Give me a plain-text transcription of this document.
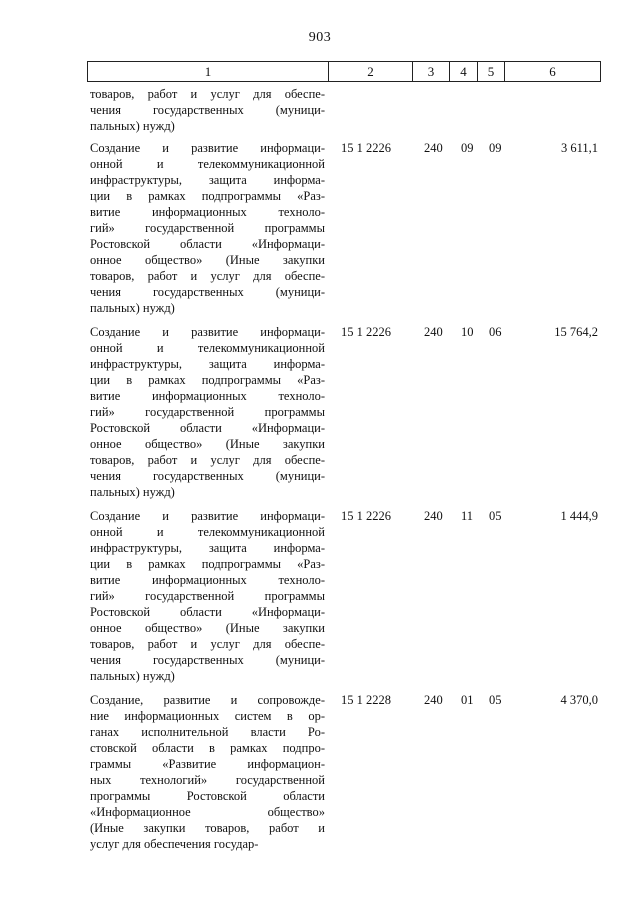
903
1	2	3	4	5	6
товаров, работ и услуг для обеспе-
чения государственных (муници-
пальных) нужд)
Создание и развитие информаци-
онной и телекоммуникационной
инфраструктуры, защита информа-
ции в рамках подпрограммы «Раз-
витие информационных техноло-
гий» государственной программы
Ростовской области «Информаци-
онное общество» (Иные закупки
товаров, работ и услуг для обеспе-
чения государственных (муници-
пальных) нужд)
15 1 2226	240 09 09	3 611,1
Создание и развитие информаци-
онной и телекоммуникационной
инфраструктуры, защита информа-
ции в рамках подпрограммы «Раз-
витие информационных техноло-
гий» государственной программы
Ростовской области «Информаци-
онное общество» (Иные закупки
товаров, работ и услуг для обеспе-
чения государственных (муници-
пальных) нужд)
15 1 2226	240 10 06	15 764,2
Создание и развитие информаци-
онной и телекоммуникационной
инфраструктуры, защита информа-
ции в рамках подпрограммы «Раз-
витие информационных техноло-
гий» государственной программы
Ростовской области «Информаци-
онное общество» (Иные закупки
товаров, работ и услуг для обеспе-
чения государственных (муници-
пальных) нужд)
15 1 2226	240 11 05	1 444,9
Создание, развитие и сопровожде-
ние информационных систем в ор-
ганах исполнительной власти Ро-
стовской области в рамках подпро-
граммы «Развитие информацион-
ных технологий» государственной
программы Ростовской области
«Информационное общество»
(Иные закупки товаров, работ и
услуг для обеспечения государ-
15 1 2228	240 01 05	4 370,0
